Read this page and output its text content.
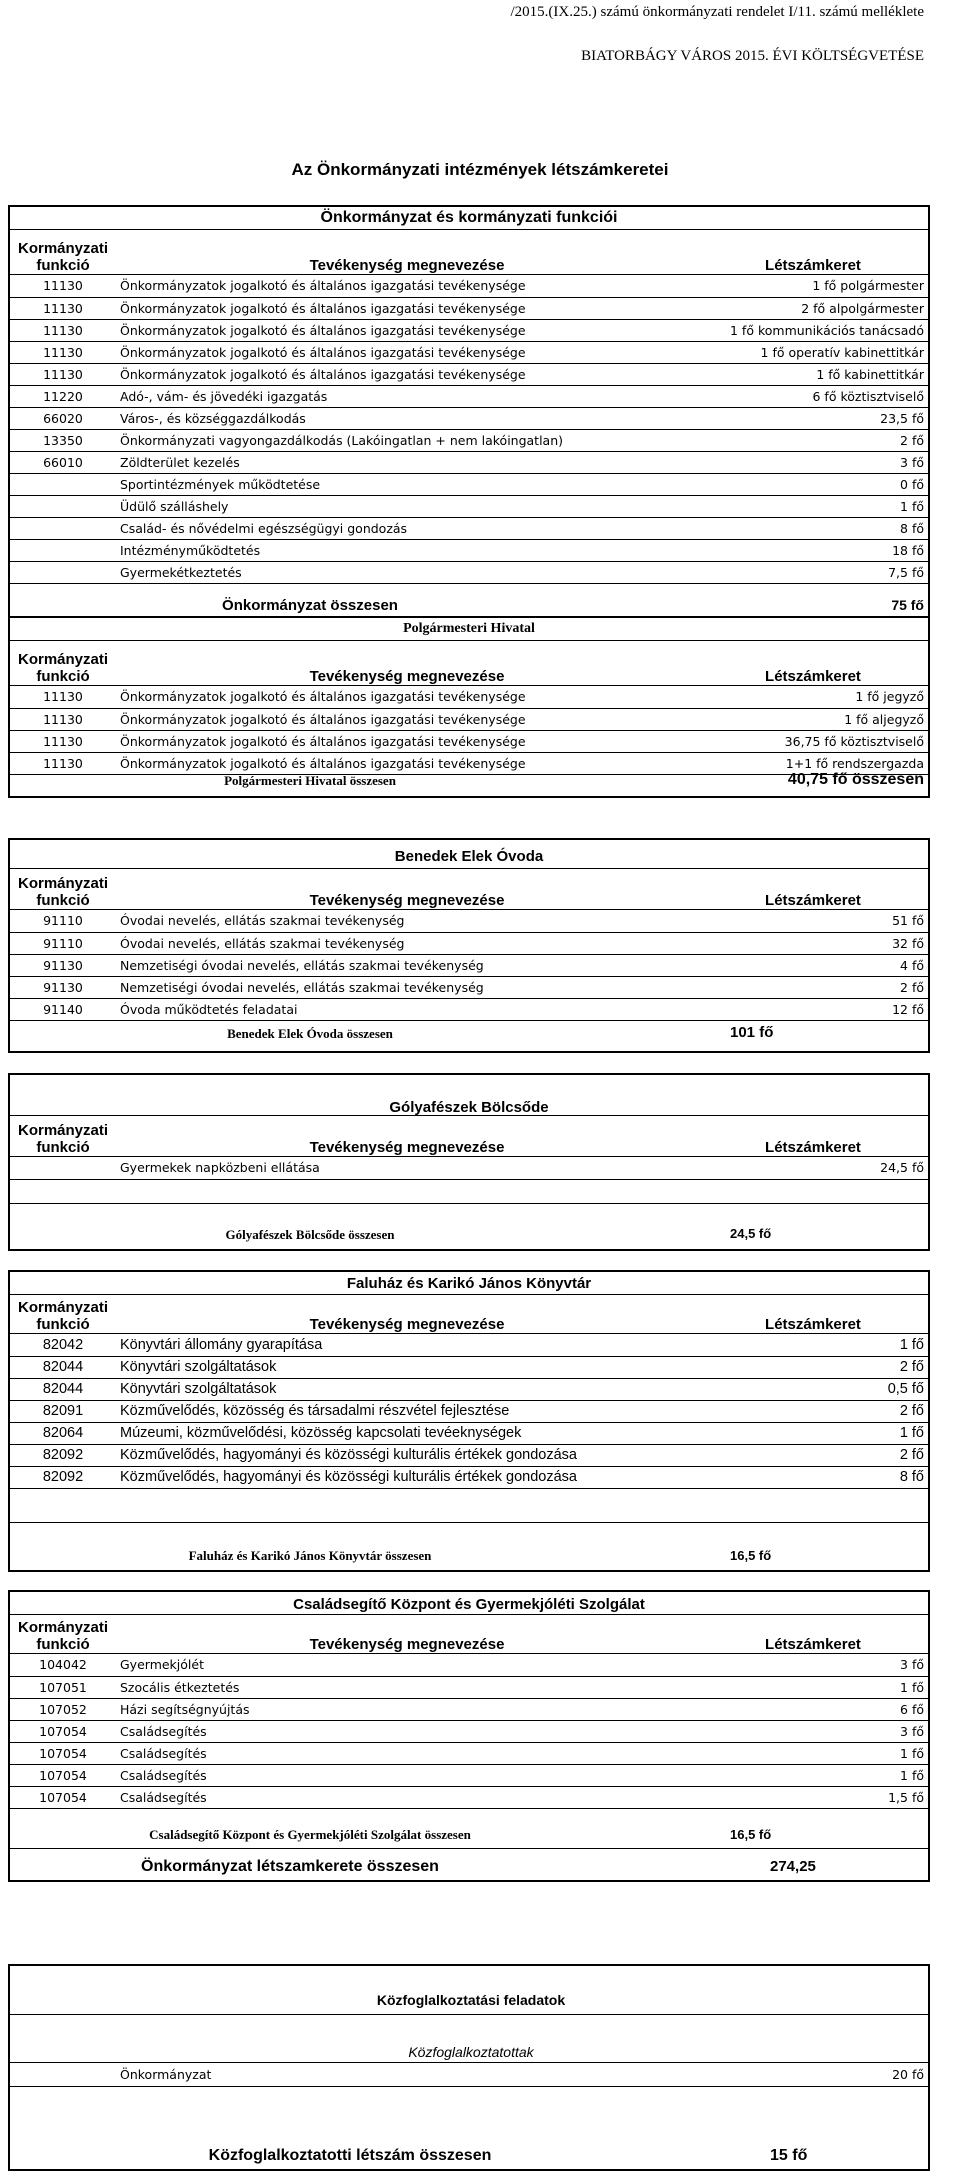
/2015.(IX.25.) számú önkormányzati rendelet I/11. számú melléklete
BIATORBÁGY VÁROS 2015. ÉVI KÖLTSÉGVETÉSE
Az Önkormányzati intézmények létszámkeretei
Önkormányzat és kormányzati funkciói
Kormányzati
funkció	Tevékenység megnevezése	Létszámkeret
11130	Önkormányzatok jogalkotó és általános igazgatási tevékenysége	1 fő polgármester
11130	Önkormányzatok jogalkotó és általános igazgatási tevékenysége	2 fő alpolgármester
11130	Önkormányzatok jogalkotó és általános igazgatási tevékenysége	1 fő kommunikációs tanácsadó
11130	Önkormányzatok jogalkotó és általános igazgatási tevékenysége	1 fő operatív kabinettitkár
11130	Önkormányzatok jogalkotó és általános igazgatási tevékenysége	1 fő kabinettitkár
11220	Adó-, vám- és jövedéki igazgatás	6 fő köztisztviselő
66020	Város-, és községgazdálkodás	23,5 fő
13350	Önkormányzati vagyongazdálkodás (Lakóingatlan + nem lakóingatlan)	2 fő
66010	Zöldterület kezelés	3 fő
	Sportintézmények működtetése	0 fő
	Üdülő szálláshely	1 fő
	Család- és nővédelmi egészségügyi gondozás	8 fő
	Intézményműködtetés	18 fő
	Gyermekétkeztetés	7,5 fő
Önkormányzat összesen	75 fő
Polgármesteri Hivatal
Kormányzati
funkció	Tevékenység megnevezése	Létszámkeret
11130	Önkormányzatok jogalkotó és általános igazgatási tevékenysége	1 fő jegyző
11130	Önkormányzatok jogalkotó és általános igazgatási tevékenysége	1 fő aljegyző
11130	Önkormányzatok jogalkotó és általános igazgatási tevékenysége	36,75 fő köztisztviselő
11130	Önkormányzatok jogalkotó és általános igazgatási tevékenysége	1+1 fő rendszergazda
Polgármesteri Hivatal összesen	40,75 fő összesen
Benedek Elek Óvoda
Kormányzati
funkció	Tevékenység megnevezése	Létszámkeret
91110	Óvodai nevelés, ellátás szakmai tevékenység	51 fő
91110	Óvodai nevelés, ellátás szakmai tevékenység	32 fő
91130	Nemzetiségi óvodai nevelés, ellátás szakmai tevékenység	4 fő
91130	Nemzetiségi óvodai nevelés, ellátás szakmai tevékenység	2 fő
91140	Óvoda működtetés feladatai	12 fő
Benedek Elek Óvoda összesen	101 fő
Gólyafészek Bölcsőde
Kormányzati
funkció	Tevékenység megnevezése	Létszámkeret
	Gyermekek napközbeni ellátása	24,5 fő
Gólyafészek Bölcsőde összesen	24,5 fő
Faluház és Karikó János Könyvtár
Kormányzati
funkció	Tevékenység megnevezése	Létszámkeret
82042	Könyvtári állomány gyarapítása	1 fő
82044	Könyvtári szolgáltatások	2 fő
82044	Könyvtári szolgáltatások	0,5 fő
82091	Közművelődés, közösség és társadalmi részvétel fejlesztése	2 fő
82064	Múzeumi, közművelődési, közösség kapcsolati tevéeknységek	1 fő
82092	Közművelődés, hagyományi és közösségi kulturális értékek gondozása	2 fő
82092	Közművelődés, hagyományi és közösségi kulturális értékek gondozása	8 fő
Faluház és Karikó János Könyvtár összesen	16,5 fő
Családsegítő Központ és Gyermekjóléti Szolgálat
Kormányzati
funkció	Tevékenység megnevezése	Létszámkeret
104042	Gyermekjólét	3 fő
107051	Szocális étkeztetés	1 fő
107052	Házi segítségnyújtás	6 fő
107054	Családsegítés	3 fő
107054	Családsegítés	1 fő
107054	Családsegítés	1 fő
107054	Családsegítés	1,5 fő
Családsegítő Központ és Gyermekjóléti Szolgálat összesen	16,5 fő
Önkormányzat létszamkerete összesen	274,25
Közfoglalkoztatási feladatok
Közfoglalkoztatottak
Önkormányzat	20 fő
Közfoglalkoztatotti létszám összesen	15 fő
